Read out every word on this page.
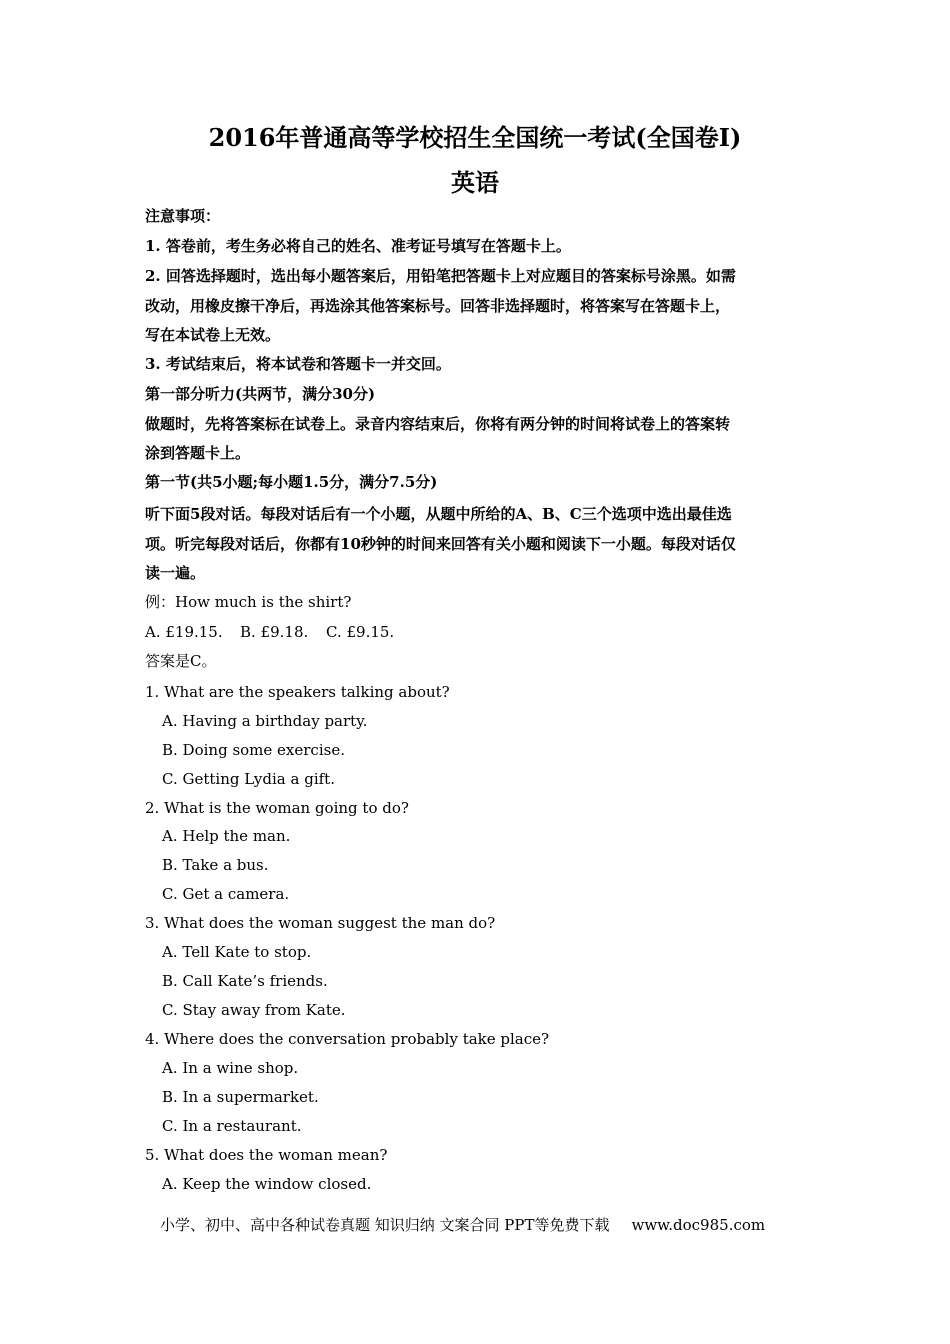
2016年普通高等学校招生全国统一考试(全国卷Ⅰ)
英语
注意事项：
1. 答卷前，考生务必将自己的姓名、准考证号填写在答题卡上。
2. 回答选择题时，选出每小题答案后，用铅笔把答题卡上对应题目的答案标号涂黑。如需
改动，用橡皮擦干净后，再选涂其他答案标号。回答非选择题时，将答案写在答题卡上，
写在本试卷上无效。
3. 考试结束后，将本试卷和答题卡一并交回。
第一部分听力(共两节，满分30分)
做题时，先将答案标在试卷上。录音内容结束后，你将有两分钟的时间将试卷上的答案转
涂到答题卡上。
第一节(共5小题;每小题1.5分，满分7.5分)
听下面5段对话。每段对话后有一个小题，从题中所给的A、B、C三个选项中选出最佳选
项。听完每段对话后，你都有10秒钟的时间来回答有关小题和阅读下一小题。每段对话仅
读一遍。
例：How much is the shirt?
A. £19.15. B. £9.18. C. £9.15.
答案是C。
1. What are the speakers talking about?
A. Having a birthday party.
B. Doing some exercise.
C. Getting Lydia a gift.
2. What is the woman going to do?
A. Help the man.
B. Take a bus.
C. Get a camera.
3. What does the woman suggest the man do?
A. Tell Kate to stop.
B. Call Kate’s friends.
C. Stay away from Kate.
4. Where does the conversation probably take place?
A. In a wine shop.
B. In a supermarket.
C. In a restaurant.
5. What does the woman mean?
A. Keep the window closed.
小学、初中、高中各种试卷真题 知识归纳 文案合同 PPT等免费下载 www.doc985.com
